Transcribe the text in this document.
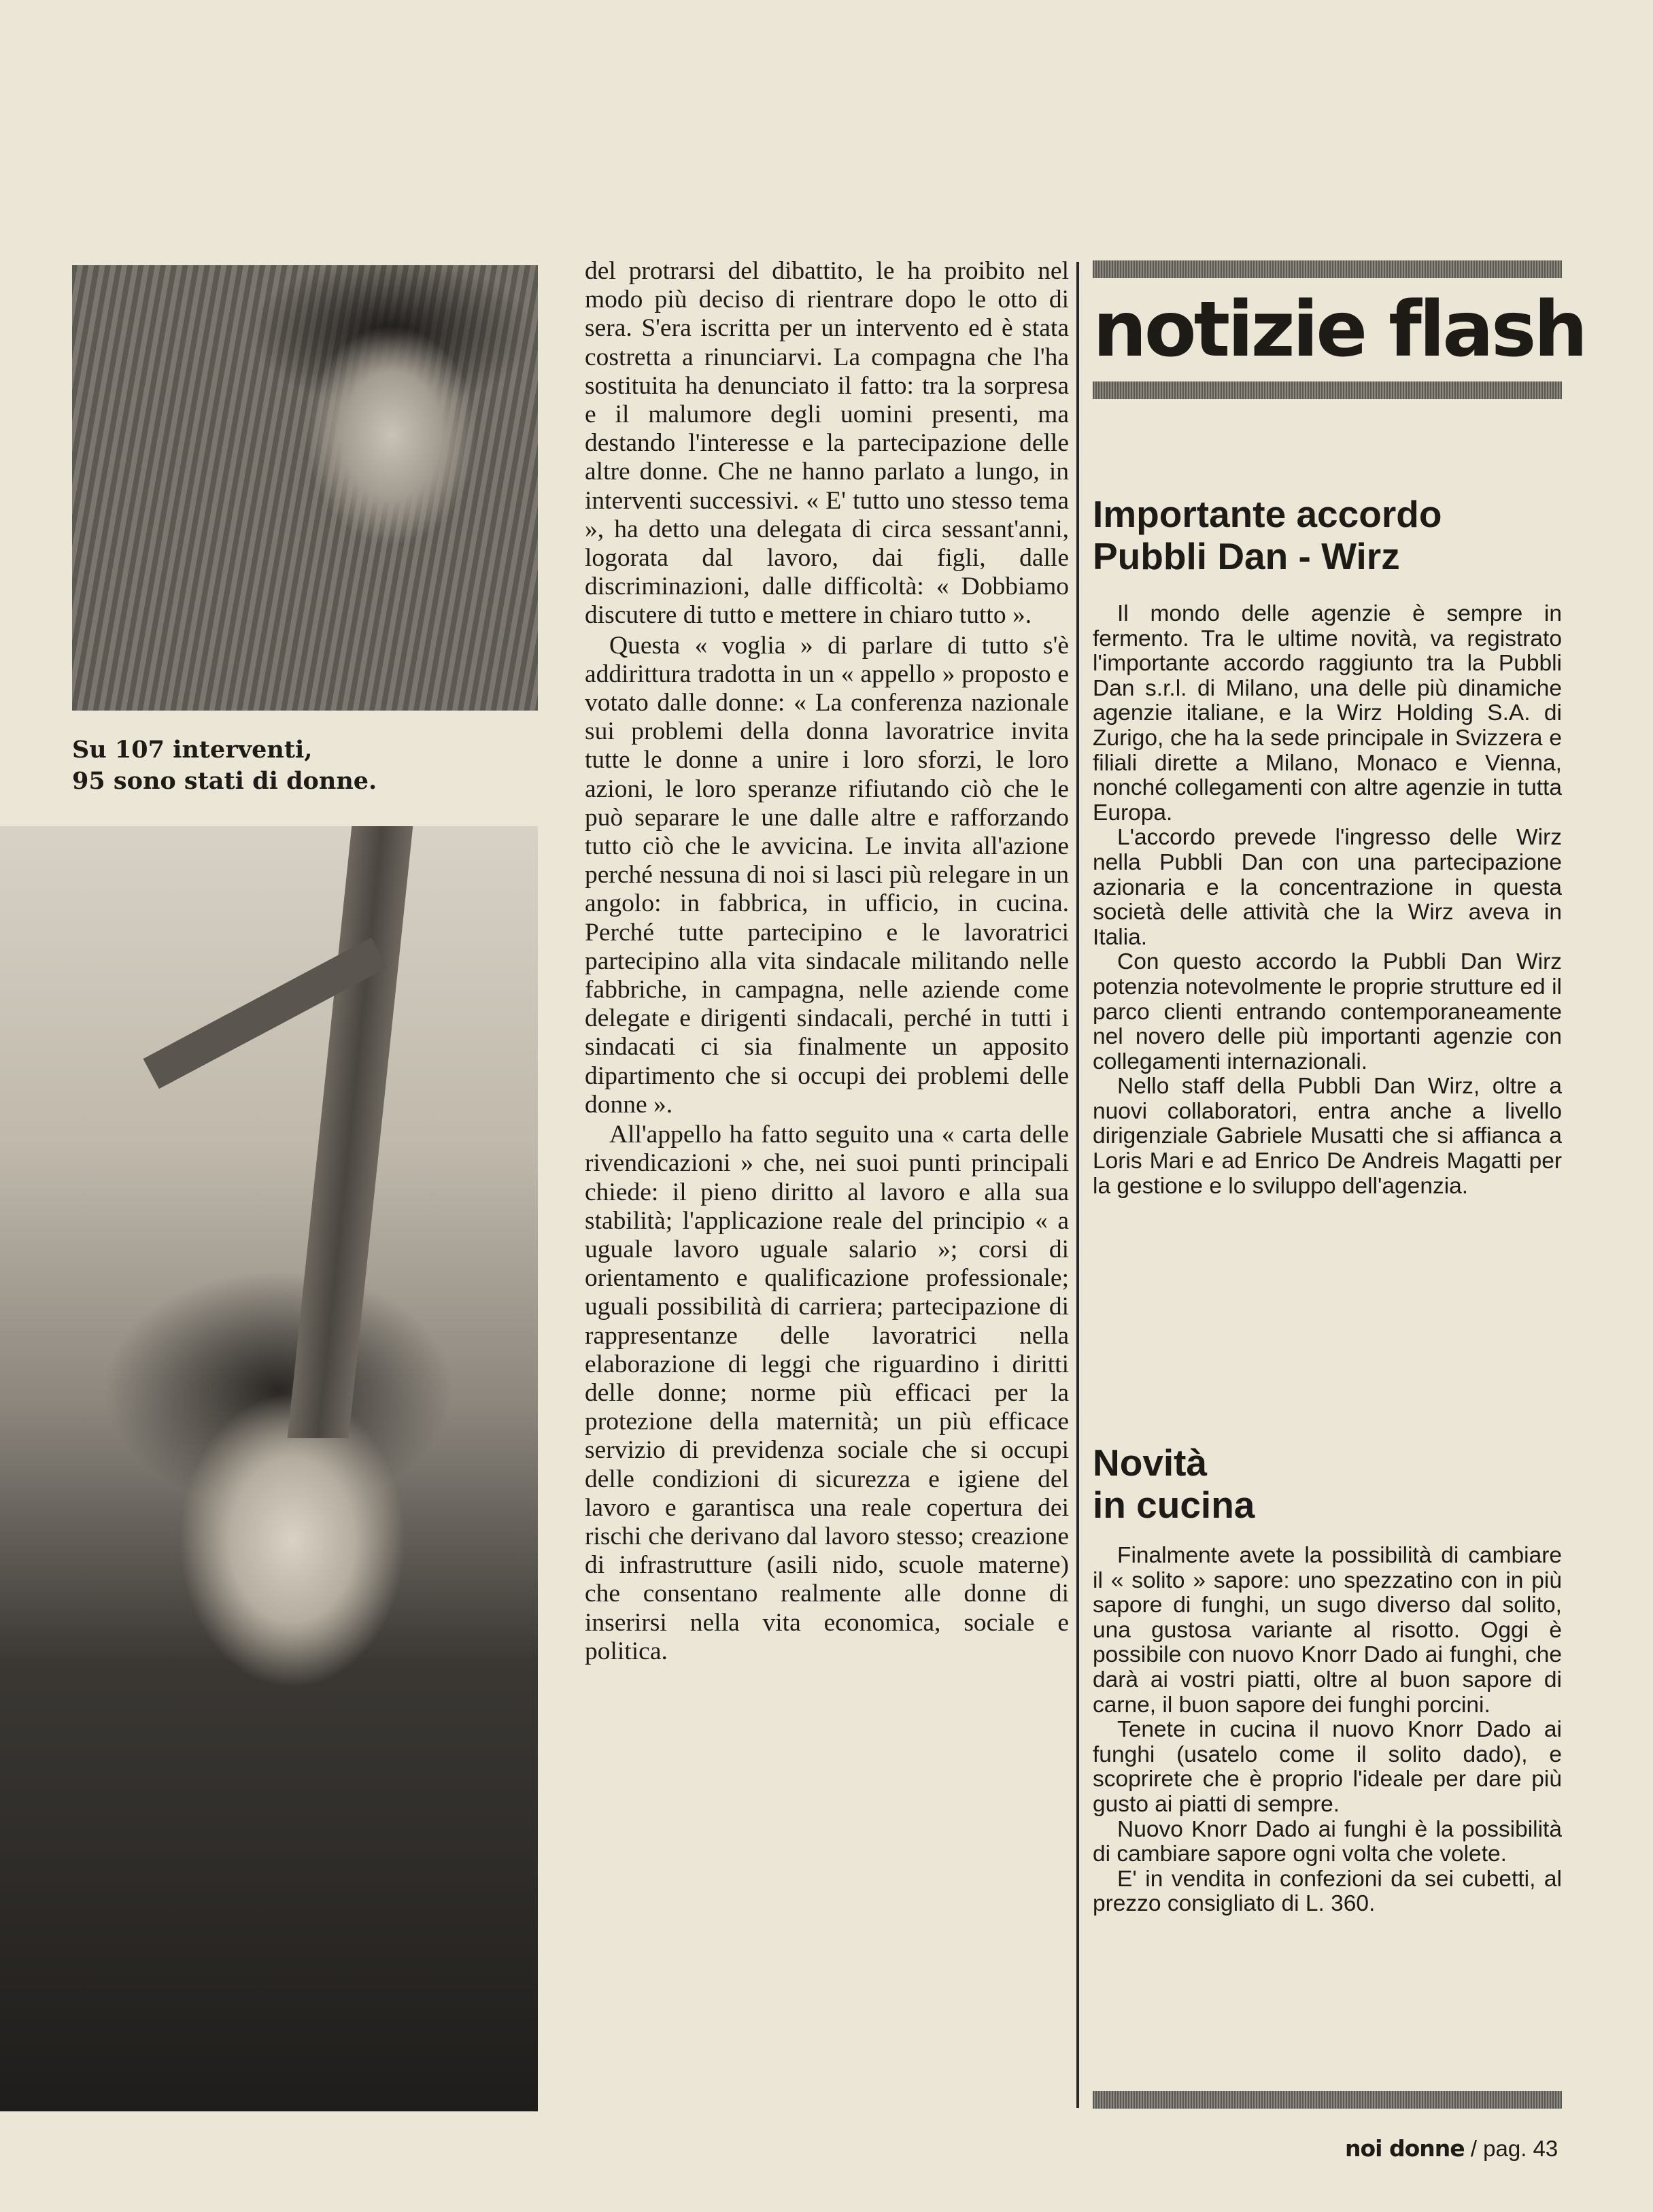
Su 107 interventi,
95 sono stati di donne.

del protrarsi del dibattito, le ha proibito nel modo più deciso di rientrare dopo le otto di sera. S'era iscritta per un intervento ed è stata costretta a rinunciarvi. La compagna che l'ha sostituita ha denunciato il fatto: tra la sorpresa e il malumore degli uomini presenti, ma destando l'interesse e la partecipazione delle altre donne. Che ne hanno parlato a lungo, in interventi successivi. « E' tutto uno stesso tema », ha detto una delegata di circa sessant'anni, logorata dal lavoro, dai figli, dalle discriminazioni, dalle difficoltà: « Dobbiamo discutere di tutto e mettere in chiaro tutto ».

Questa « voglia » di parlare di tutto s'è addirittura tradotta in un « appello » proposto e votato dalle donne: « La conferenza nazionale sui problemi della donna lavoratrice invita tutte le donne a unire i loro sforzi, le loro azioni, le loro speranze rifiutando ciò che le può separare le une dalle altre e rafforzando tutto ciò che le avvicina. Le invita all'azione perché nessuna di noi si lasci più relegare in un angolo: in fabbrica, in ufficio, in cucina. Perché tutte partecipino e le lavoratrici partecipino alla vita sindacale militando nelle fabbriche, in campagna, nelle aziende come delegate e dirigenti sindacali, perché in tutti i sindacati ci sia finalmente un apposito dipartimento che si occupi dei problemi delle donne ».

All'appello ha fatto seguito una « carta delle rivendicazioni » che, nei suoi punti principali chiede: il pieno diritto al lavoro e alla sua stabilità; l'applicazione reale del principio « a uguale lavoro uguale salario »; corsi di orientamento e qualificazione professionale; uguali possibilità di carriera; partecipazione di rappresentanze delle lavoratrici nella elaborazione di leggi che riguardino i diritti delle donne; norme più efficaci per la protezione della maternità; un più efficace servizio di previdenza sociale che si occupi delle condizioni di sicurezza e igiene del lavoro e garantisca una reale copertura dei rischi che derivano dal lavoro stesso; creazione di infrastrutture (asili nido, scuole materne) che consentano realmente alle donne di inserirsi nella vita economica, sociale e politica.

notizie flash
Importante accordo
Pubbli Dan - Wirz

Il mondo delle agenzie è sempre in fermento. Tra le ultime novità, va registrato l'importante accordo raggiunto tra la Pubbli Dan s.r.l. di Milano, una delle più dinamiche agenzie italiane, e la Wirz Holding S.A. di Zurigo, che ha la sede principale in Svizzera e filiali dirette a Milano, Monaco e Vienna, nonché collegamenti con altre agenzie in tutta Europa.

L'accordo prevede l'ingresso delle Wirz nella Pubbli Dan con una partecipazione azionaria e la concentrazione in questa società delle attività che la Wirz aveva in Italia.

Con questo accordo la Pubbli Dan Wirz potenzia notevolmente le proprie strutture ed il parco clienti entrando contemporaneamente nel novero delle più importanti agenzie con collegamenti internazionali.

Nello staff della Pubbli Dan Wirz, oltre a nuovi collaboratori, entra anche a livello dirigenziale Gabriele Musatti che si affianca a Loris Mari e ad Enrico De Andreis Magatti per la gestione e lo sviluppo dell'agenzia.

Novità
in cucina

Finalmente avete la possibilità di cambiare il « solito » sapore: uno spezzatino con in più sapore di funghi, un sugo diverso dal solito, una gustosa variante al risotto. Oggi è possibile con nuovo Knorr Dado ai funghi, che darà ai vostri piatti, oltre al buon sapore di carne, il buon sapore dei funghi porcini.

Tenete in cucina il nuovo Knorr Dado ai funghi (usatelo come il solito dado), e scoprirete che è proprio l'ideale per dare più gusto ai piatti di sempre.

Nuovo Knorr Dado ai funghi è la possibilità di cambiare sapore ogni volta che volete.

E' in vendita in confezioni da sei cubetti, al prezzo consigliato di L. 360.

noi donne / pag. 43
